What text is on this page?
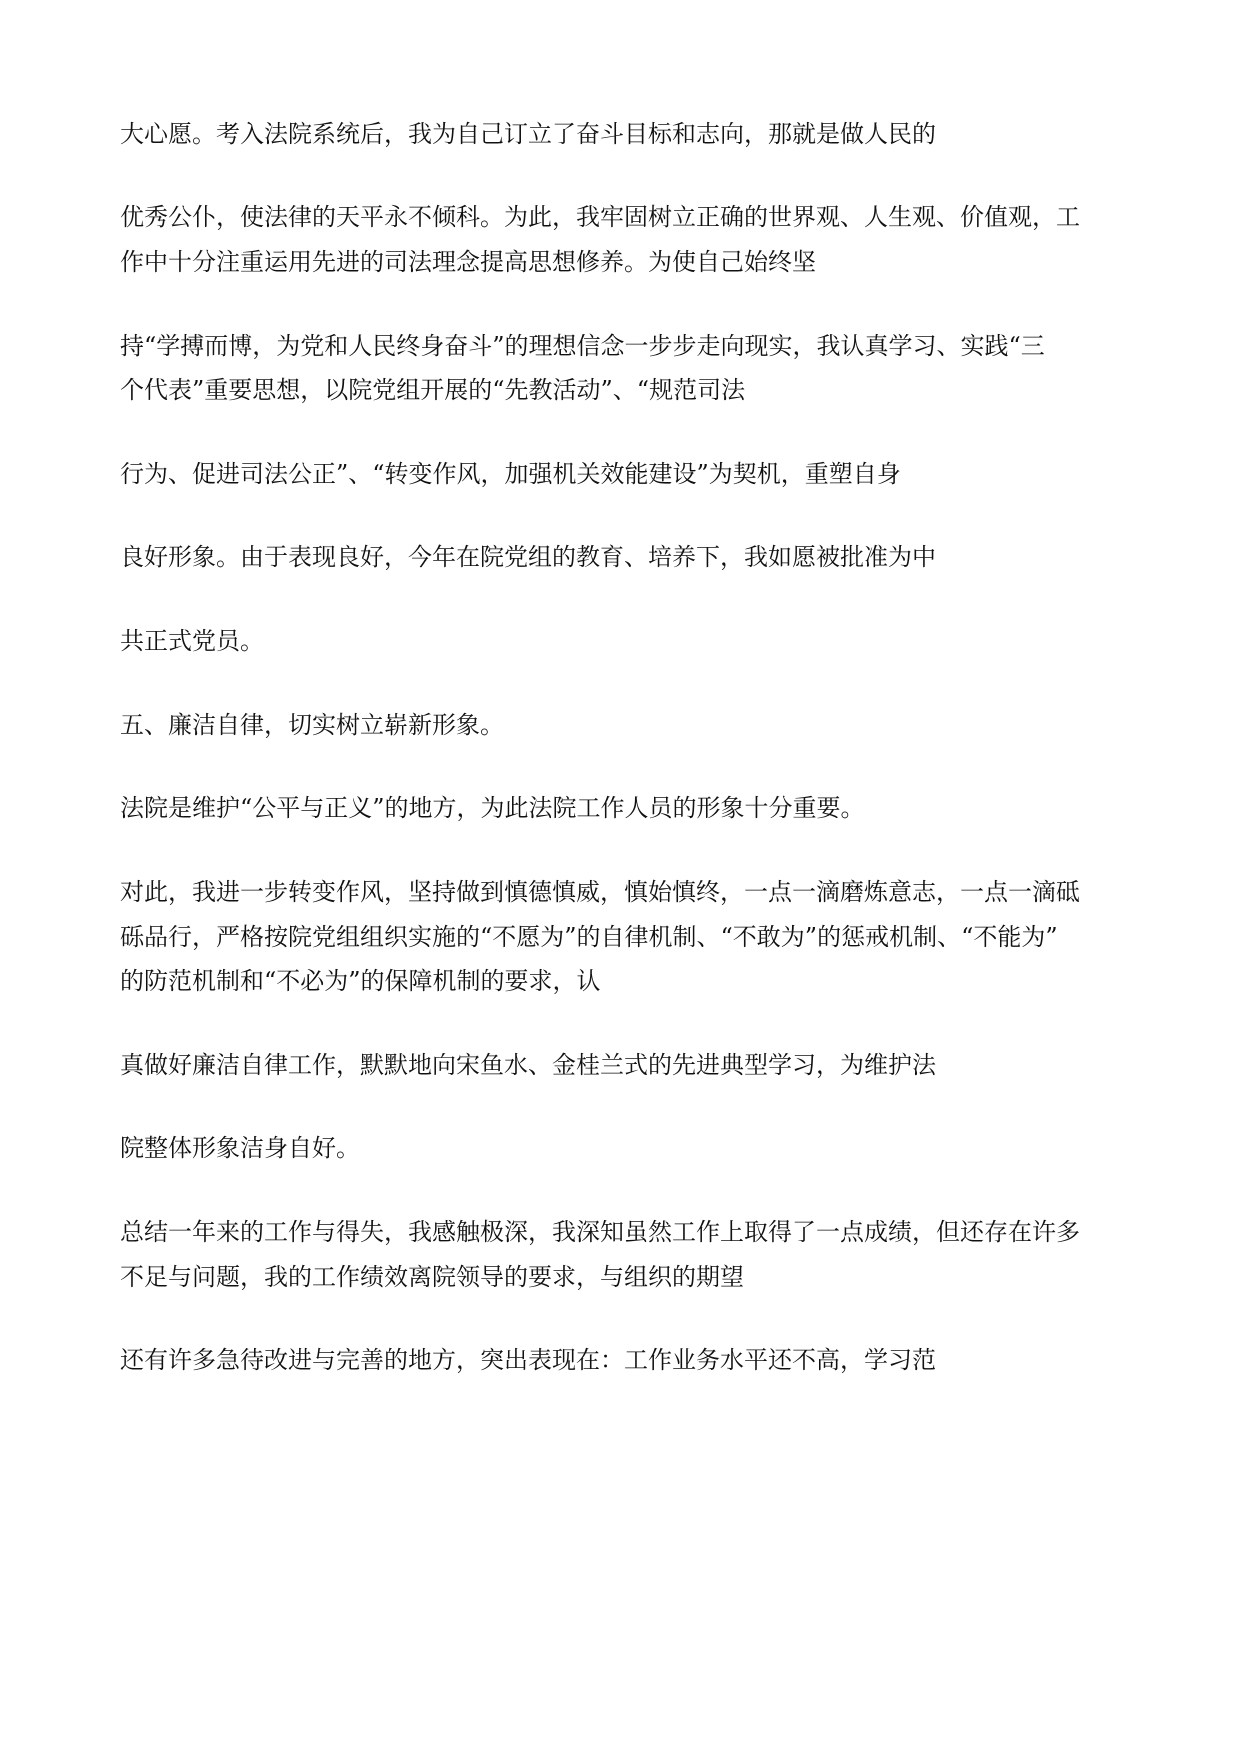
大心愿。考入法院系统后，我为自己订立了奋斗目标和志向，那就是做人民的
优秀公仆，使法律的天平永不倾科。为此，我牢固树立正确的世界观、人生观、价值观，工
作中十分注重运用先进的司法理念提高思想修养。为使自己始终坚
持“学搏而博，为党和人民终身奋斗”的理想信念一步步走向现实，我认真学习、实践“三
个代表”重要思想，以院党组开展的“先教活动”、“规范司法
行为、促进司法公正”、“转变作风，加强机关效能建设”为契机，重塑自身
良好形象。由于表现良好，今年在院党组的教育、培养下，我如愿被批准为中
共正式党员。
五、廉洁自律，切实树立崭新形象。
法院是维护“公平与正义”的地方，为此法院工作人员的形象十分重要。
对此，我进一步转变作风，坚持做到慎德慎威，慎始慎终，一点一滴磨炼意志，一点一滴砥
砾品行，严格按院党组组织实施的“不愿为”的自律机制、“不敢为”的惩戒机制、“不能为”
的防范机制和“不必为”的保障机制的要求，认
真做好廉洁自律工作，默默地向宋鱼水、金桂兰式的先进典型学习，为维护法
院整体形象洁身自好。
总结一年来的工作与得失，我感触极深，我深知虽然工作上取得了一点成绩，但还存在许多
不足与问题，我的工作绩效离院领导的要求，与组织的期望
还有许多急待改进与完善的地方，突出表现在：工作业务水平还不高，学习范
